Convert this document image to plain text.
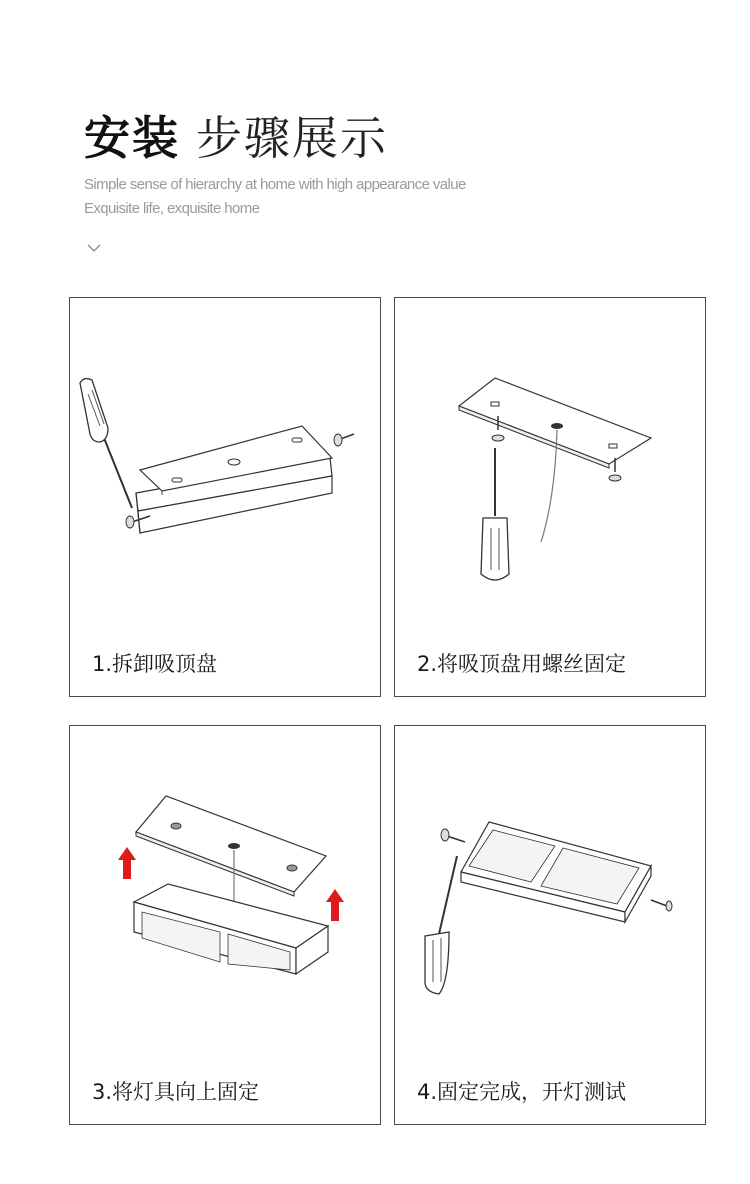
安装 步骤展示
Simple sense of hierarchy at home with high appearance value
Exquisite life, exquisite home
1.拆卸吸顶盘	2.将吸顶盘用螺丝固定
3.将灯具向上固定	4.固定完成，开灯测试
